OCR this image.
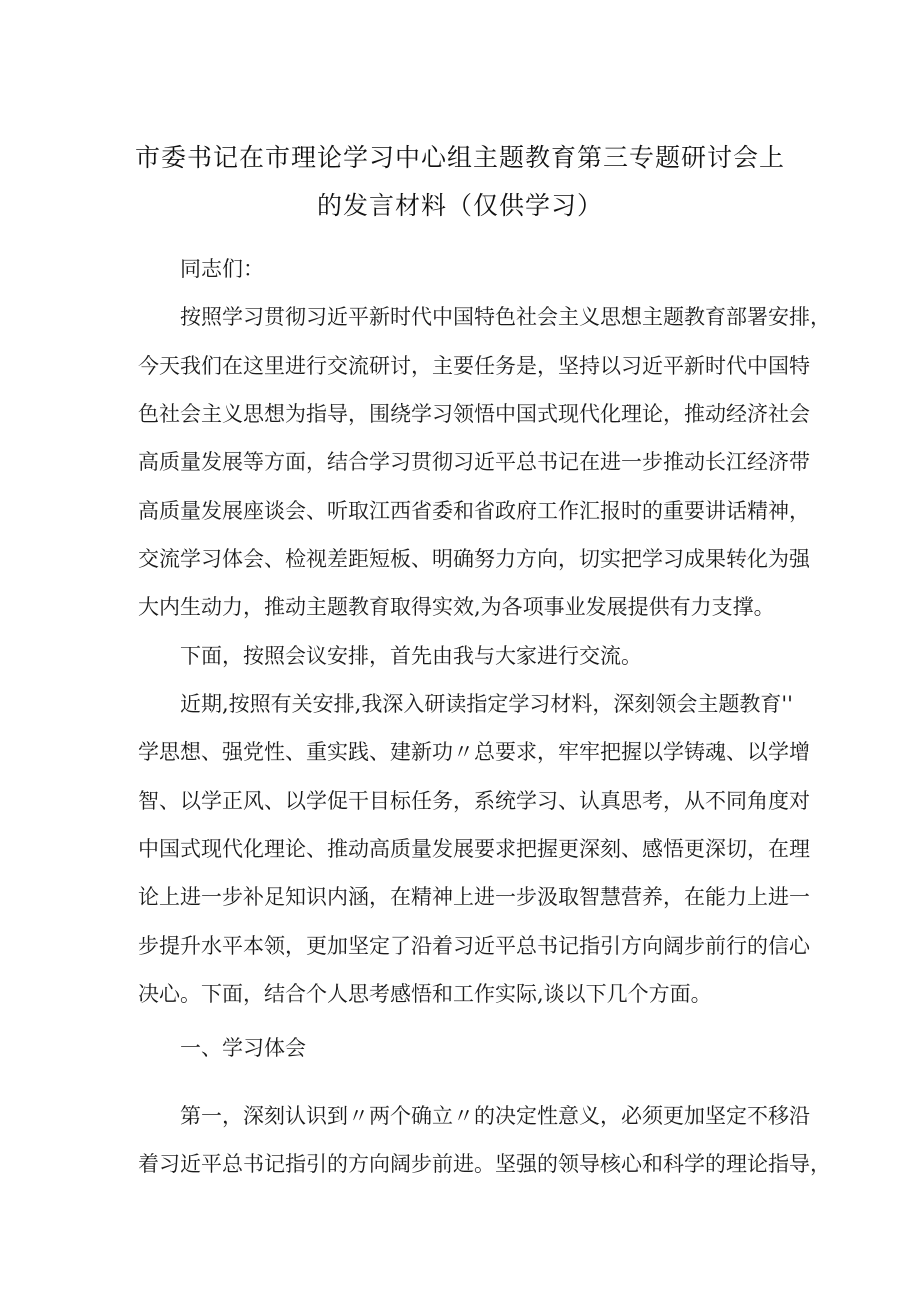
市委书记在市理论学习中心组主题教育第三专题研讨会上
的发言材料（仅供学习）
同志们：
按照学习贯彻习近平新时代中国特色社会主义思想主题教育部署安排，
今天我们在这里进行交流研讨，主要任务是，坚持以习近平新时代中国特
色社会主义思想为指导，围绕学习领悟中国式现代化理论，推动经济社会
高质量发展等方面，结合学习贯彻习近平总书记在进一步推动长江经济带
高质量发展座谈会、听取江西省委和省政府工作汇报时的重要讲话精神，
交流学习体会、检视差距短板、明确努力方向，切实把学习成果转化为强
大内生动力，推动主题教育取得实效,为各项事业发展提供有力支撑。
下面，按照会议安排，首先由我与大家进行交流。
近期,按照有关安排,我深入研读指定学习材料，深刻领会主题教育''
学思想、强党性、重实践、建新功〃总要求，牢牢把握以学铸魂、以学增
智、以学正风、以学促干目标任务，系统学习、认真思考，从不同角度对
中国式现代化理论、推动高质量发展要求把握更深刻、感悟更深切，在理
论上进一步补足知识内涵，在精神上进一步汲取智慧营养，在能力上进一
步提升水平本领，更加坚定了沿着习近平总书记指引方向阔步前行的信心
决心。下面，结合个人思考感悟和工作实际,谈以下几个方面。
一、学习体会
第一，深刻认识到〃两个确立〃的决定性意义，必须更加坚定不移沿
着习近平总书记指引的方向阔步前进。坚强的领导核心和科学的理论指导，
